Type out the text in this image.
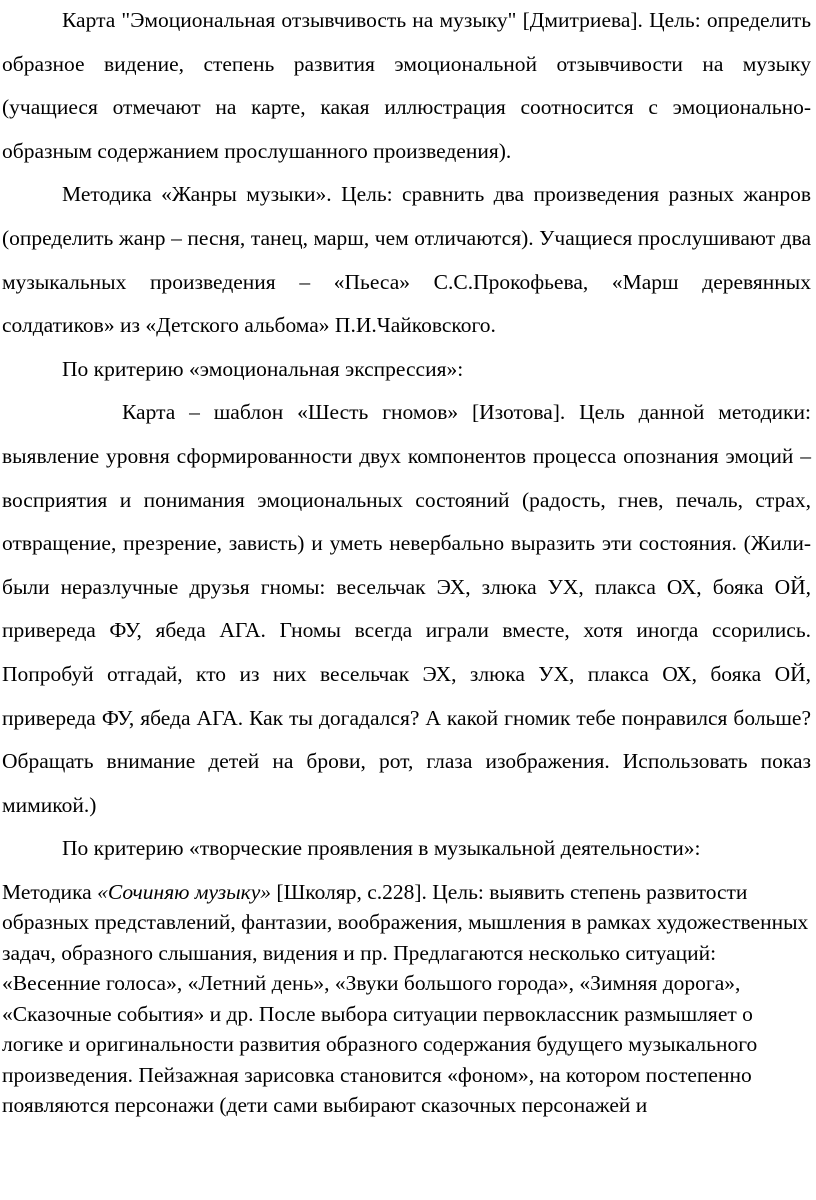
Карта "Эмоциональная отзывчивость на музыку" [Дмитриева]. Цель: определить образное видение, степень развития эмоциональной отзывчивости на музыку (учащиеся отмечают на карте, какая иллюстрация соотносится с эмоционально-образным содержанием прослушанного произведения).

Методика «Жанры музыки». Цель: сравнить два произведения разных жанров (определить жанр – песня, танец, марш, чем отличаются). Учащиеся прослушивают два музыкальных произведения – «Пьеса» С.С.Прокофьева, «Марш деревянных солдатиков» из «Детского альбома» П.И.Чайковского.

По критерию «эмоциональная экспрессия»:

Карта – шаблон «Шесть гномов» [Изотова]. Цель данной методики: выявление уровня сформированности двух компонентов процесса опознания эмоций – восприятия и понимания эмоциональных состояний (радость, гнев, печаль, страх, отвращение, презрение, зависть) и уметь невербально выразить эти состояния. (Жили-были неразлучные друзья гномы: весельчак ЭХ, злюка УХ, плакса ОХ, бояка ОЙ, привереда ФУ, ябеда АГА. Гномы всегда играли вместе, хотя иногда ссорились. Попробуй отгадай, кто из них весельчак ЭХ, злюка УХ, плакса ОХ, бояка ОЙ, привереда ФУ, ябеда АГА. Как ты догадался? А какой гномик тебе понравился больше? Обращать внимание детей на брови, рот, глаза изображения. Использовать показ мимикой.)

По критерию «творческие проявления в музыкальной деятельности»:

Методика «Сочиняю музыку» [Школяр, с.228]. Цель: выявить степень развитости образных представлений, фантазии, воображения, мышления в рамках художественных задач, образного слышания, видения и пр. Предлагаются несколько ситуаций: «Весенние голоса», «Летний день», «Звуки большого города», «Зимняя дорога», «Сказочные события» и др. После выбора ситуации первоклассник размышляет о логике и оригинальности развития образного содержания будущего музыкального произведения. Пейзажная зарисовка становится «фоном», на котором постепенно появляются персонажи (дети сами выбирают сказочных персонажей и
